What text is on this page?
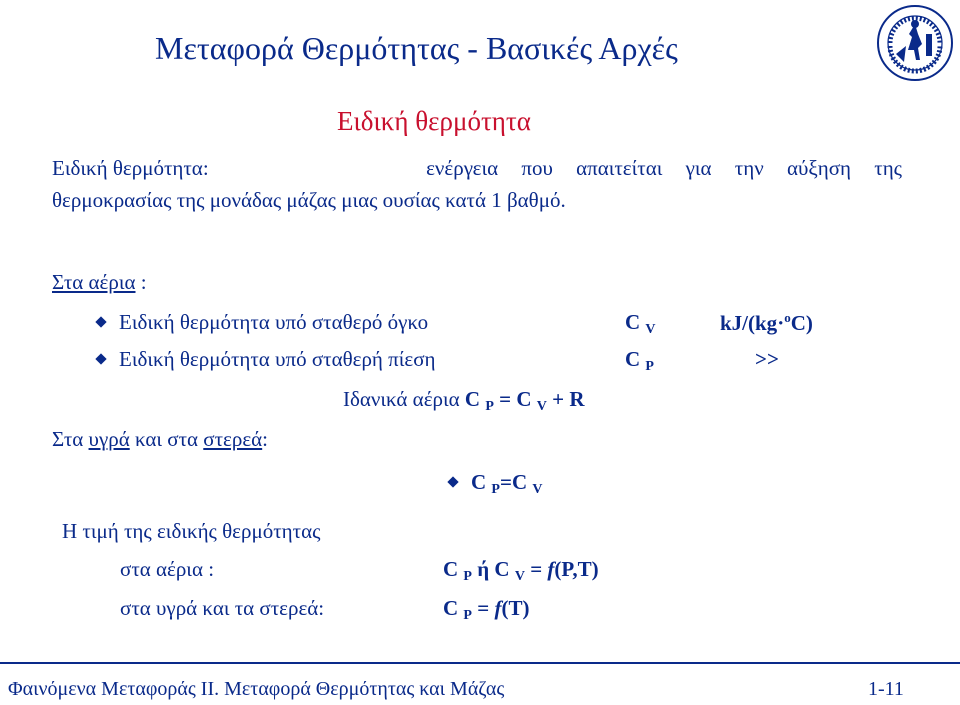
Μεταφορά Θερμότητας - Βασικές Αρχές
Ειδική θερμότητα
Ειδική θερμότητα:	ενέργεια που απαιτείται για την αύξηση της
θερμοκρασίας της μονάδας μάζας μιας ουσίας κατά 1 βαθμό.
Στα αέρια :
Ειδική θερμότητα υπό σταθερό όγκο	C $_V$	kJ/(kg·$^o$C)
Ειδική θερμότητα υπό σταθερή πίεση	C $_P$	>>
Ιδανικά αέρια C $_P$ = C $_V$ + R
Στα υγρά και στα στερεά:
C $_P$=C $_V$
Η τιμή της ειδικής θερμότητας
στα αέρια :	C $_P$ ή C $_V$ = f(P,T)
στα υγρά και τα στερεά:	C $_P$ = f(T)
Φαινόμενα Μεταφοράς ΙΙ. Μεταφορά Θερμότητας και Μάζας	1-11
